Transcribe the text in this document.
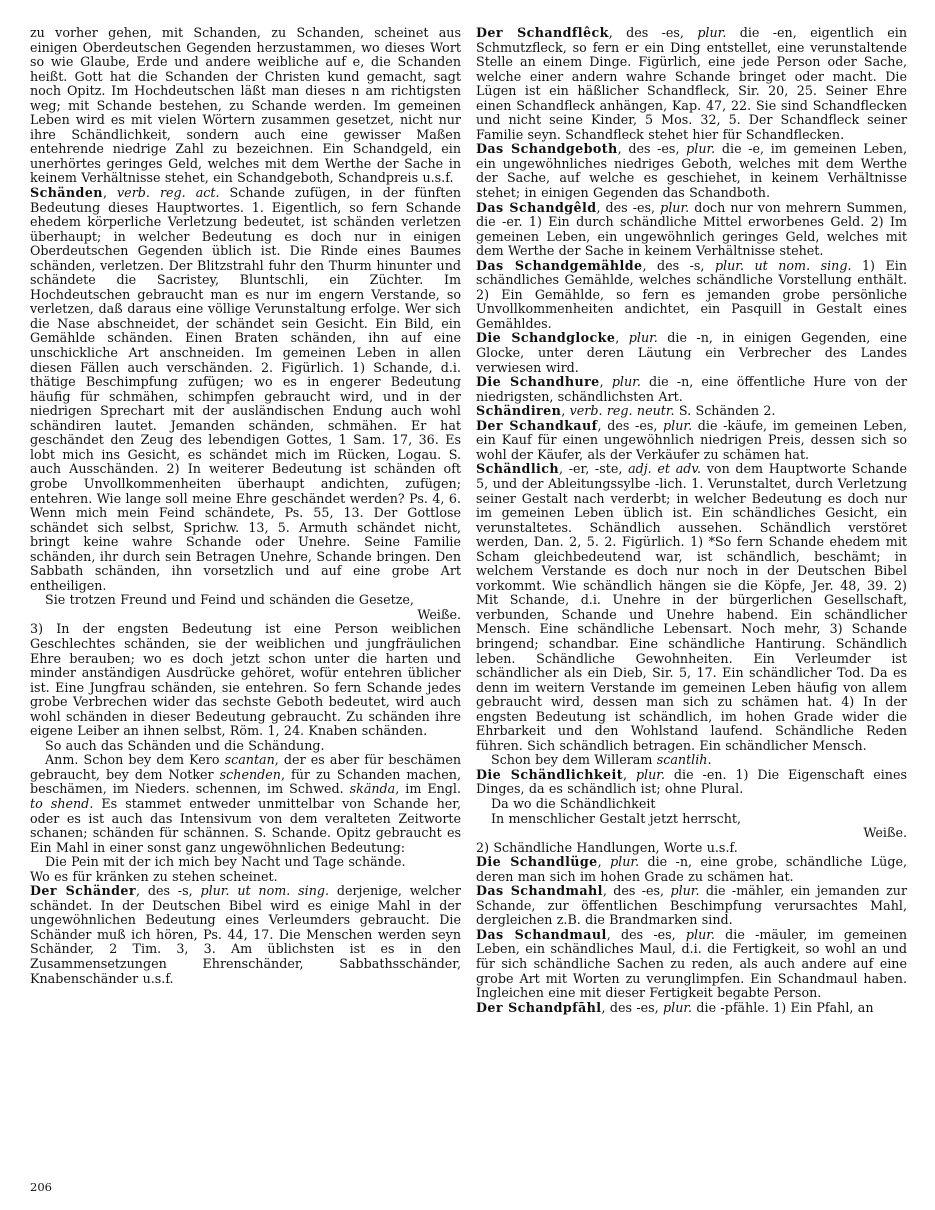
zu vorher gehen, mit Schanden, zu Schanden, scheinet aus einigen Oberdeutschen Gegenden herzustammen, wo dieses Wort so wie Glaube, Erde und andere weibliche auf e, die Schanden heißt. Gott hat die Schanden der Christen kund gemacht, sagt noch Opitz. Im Hochdeutschen läßt man dieses n am richtigsten weg; mit Schande bestehen, zu Schande werden. Im gemeinen Leben wird es mit vielen Wörtern zusammen gesetzet, nicht nur ihre Schändlichkeit, sondern auch eine gewisser Maßen entehrende niedrige Zahl zu bezeichnen. Ein Schandgeld, ein unerhörtes geringes Geld, welches mit dem Werthe der Sache in keinem Verhältnisse stehet, ein Schandgeboth, Schandpreis u.s.f.

Schänden, verb. reg. act. Schande zufügen, in der fünften Bedeutung dieses Hauptwortes. 1. Eigentlich, so fern Schande ehedem körperliche Verletzung bedeutet, ist schänden verletzen überhaupt; in welcher Bedeutung es doch nur in einigen Oberdeutschen Gegenden üblich ist. Die Rinde eines Baumes schänden, verletzen. Der Blitzstrahl fuhr den Thurm hinunter und schändete die Sacristey, Bluntschli, ein Züchter. Im Hochdeutschen gebraucht man es nur im engern Verstande, so verletzen, daß daraus eine völlige Verunstaltung erfolge. Wer sich die Nase abschneidet, der schändet sein Gesicht. Ein Bild, ein Gemählde schänden. Einen Braten schänden, ihn auf eine unschickliche Art anschneiden. Im gemeinen Leben in allen diesen Fällen auch verschänden. 2. Figürlich. 1) Schande, d.i. thätige Beschimpfung zufügen; wo es in engerer Bedeutung häufig für schmähen, schimpfen gebraucht wird, und in der niedrigen Sprechart mit der ausländischen Endung auch wohl schändiren lautet. Jemanden schänden, schmähen. Er hat geschändet den Zeug des lebendigen Gottes, 1 Sam. 17, 36. Es lobt mich ins Gesicht, es schändet mich im Rücken, Logau. S. auch Ausschänden. 2) In weiterer Bedeutung ist schänden oft grobe Unvollkommenheiten überhaupt andichten, zufügen; entehren. Wie lange soll meine Ehre geschändet werden? Ps. 4, 6. Wenn mich mein Feind schändete, Ps. 55, 13. Der Gottlose schändet sich selbst, Sprichw. 13, 5. Armuth schändet nicht, bringt keine wahre Schande oder Unehre. Seine Familie schänden, ihr durch sein Betragen Unehre, Schande bringen. Den Sabbath schänden, ihn vorsetzlich und auf eine grobe Art entheiligen.

Sie trotzen Freund und Feind und schänden die Gesetze,

Weiße.

3) In der engsten Bedeutung ist eine Person weiblichen Geschlechtes schänden, sie der weiblichen und jungfräulichen Ehre berauben; wo es doch jetzt schon unter die harten und minder anständigen Ausdrücke gehöret, wofür entehren üblicher ist. Eine Jungfrau schänden, sie entehren. So fern Schande jedes grobe Verbrechen wider das sechste Geboth bedeutet, wird auch wohl schänden in dieser Bedeutung gebraucht. Zu schänden ihre eigene Leiber an ihnen selbst, Röm. 1, 24. Knaben schänden.

So auch das Schänden und die Schändung.

Anm. Schon bey dem Kero scantan, der es aber für beschämen gebraucht, bey dem Notker schenden, für zu Schanden machen, beschämen, im Nieders. schennen, im Schwed. skända, im Engl. to shend. Es stammet entweder unmittelbar von Schande her, oder es ist auch das Intensivum von dem veralteten Zeitworte schanen; schänden für schännen. S. Schande. Opitz gebraucht es Ein Mahl in einer sonst ganz ungewöhnlichen Bedeutung:

Die Pein mit der ich mich bey Nacht und Tage schände.

Wo es für kränken zu stehen scheinet.

Der Schänder, des -s, plur. ut nom. sing. derjenige, welcher schändet. In der Deutschen Bibel wird es einige Mahl in der ungewöhnlichen Bedeutung eines Verleumders gebraucht. Die Schänder muß ich hören, Ps. 44, 17. Die Menschen werden seyn Schänder, 2 Tim. 3, 3. Am üblichsten ist es in den Zusammensetzungen Ehrenschänder, Sabbathsschänder, Knabenschänder u.s.f.

Der Schandflêck, des -es, plur. die -en, eigentlich ein Schmutzfleck, so fern er ein Ding entstellet, eine verunstaltende Stelle an einem Dinge. Figürlich, eine jede Person oder Sache, welche einer andern wahre Schande bringet oder macht. Die Lügen ist ein häßlicher Schandfleck, Sir. 20, 25. Seiner Ehre einen Schandfleck anhängen, Kap. 47, 22. Sie sind Schandflecken und nicht seine Kinder, 5 Mos. 32, 5. Der Schandfleck seiner Familie seyn. Schandfleck stehet hier für Schandflecken.

Das Schandgeboth, des -es, plur. die -e, im gemeinen Leben, ein ungewöhnliches niedriges Geboth, welches mit dem Werthe der Sache, auf welche es geschiehet, in keinem Verhältnisse stehet; in einigen Gegenden das Schandboth.

Das Schandgêld, des -es, plur. doch nur von mehrern Summen, die -er. 1) Ein durch schändliche Mittel erworbenes Geld. 2) Im gemeinen Leben, ein ungewöhnlich geringes Geld, welches mit dem Werthe der Sache in keinem Verhältnisse stehet.

Das Schandgemählde, des -s, plur. ut nom. sing. 1) Ein schändliches Gemählde, welches schändliche Vorstellung enthält. 2) Ein Gemählde, so fern es jemanden grobe persönliche Unvollkommenheiten andichtet, ein Pasquill in Gestalt eines Gemähldes.

Die Schandglocke, plur. die -n, in einigen Gegenden, eine Glocke, unter deren Läutung ein Verbrecher des Landes verwiesen wird.

Die Schandhure, plur. die -n, eine öffentliche Hure von der niedrigsten, schändlichsten Art.

Schändiren, verb. reg. neutr. S. Schänden 2.

Der Schandkauf, des -es, plur. die -käufe, im gemeinen Leben, ein Kauf für einen ungewöhnlich niedrigen Preis, dessen sich so wohl der Käufer, als der Verkäufer zu schämen hat.

Schändlich, -er, -ste, adj. et adv. von dem Hauptworte Schande 5, und der Ableitungssylbe -lich. 1. Verunstaltet, durch Verletzung seiner Gestalt nach verderbt; in welcher Bedeutung es doch nur im gemeinen Leben üblich ist. Ein schändliches Gesicht, ein verunstaltetes. Schändlich aussehen. Schändlich verstöret werden, Dan. 2, 5. 2. Figürlich. 1) *So fern Schande ehedem mit Scham gleichbedeutend war, ist schändlich, beschämt; in welchem Verstande es doch nur noch in der Deutschen Bibel vorkommt. Wie schändlich hängen sie die Köpfe, Jer. 48, 39. 2) Mit Schande, d.i. Unehre in der bürgerlichen Gesellschaft, verbunden, Schande und Unehre habend. Ein schändlicher Mensch. Eine schändliche Lebensart. Noch mehr, 3) Schande bringend; schandbar. Eine schändliche Hantirung. Schändlich leben. Schändliche Gewohnheiten. Ein Verleumder ist schändlicher als ein Dieb, Sir. 5, 17. Ein schändlicher Tod. Da es denn im weitern Verstande im gemeinen Leben häufig von allem gebraucht wird, dessen man sich zu schämen hat. 4) In der engsten Bedeutung ist schändlich, im hohen Grade wider die Ehrbarkeit und den Wohlstand laufend. Schändliche Reden führen. Sich schändlich betragen. Ein schändlicher Mensch.

Schon bey dem Willeram scantlih.

Die Schändlichkeit, plur. die -en. 1) Die Eigenschaft eines Dinges, da es schändlich ist; ohne Plural.

Da wo die Schändlichkeit

In menschlicher Gestalt jetzt herrscht,

Weiße.

2) Schändliche Handlungen, Worte u.s.f.

Die Schandlüge, plur. die -n, eine grobe, schändliche Lüge, deren man sich im hohen Grade zu schämen hat.

Das Schandmahl, des -es, plur. die -mähler, ein jemanden zur Schande, zur öffentlichen Beschimpfung verursachtes Mahl, dergleichen z.B. die Brandmarken sind.

Das Schandmaul, des -es, plur. die -mäuler, im gemeinen Leben, ein schändliches Maul, d.i. die Fertigkeit, so wohl an und für sich schändliche Sachen zu reden, als auch andere auf eine grobe Art mit Worten zu verunglimpfen. Ein Schandmaul haben. Ingleichen eine mit dieser Fertigkeit begabte Person.

Der Schandpfāhl, des -es, plur. die -pfähle. 1) Ein Pfahl, an

206
